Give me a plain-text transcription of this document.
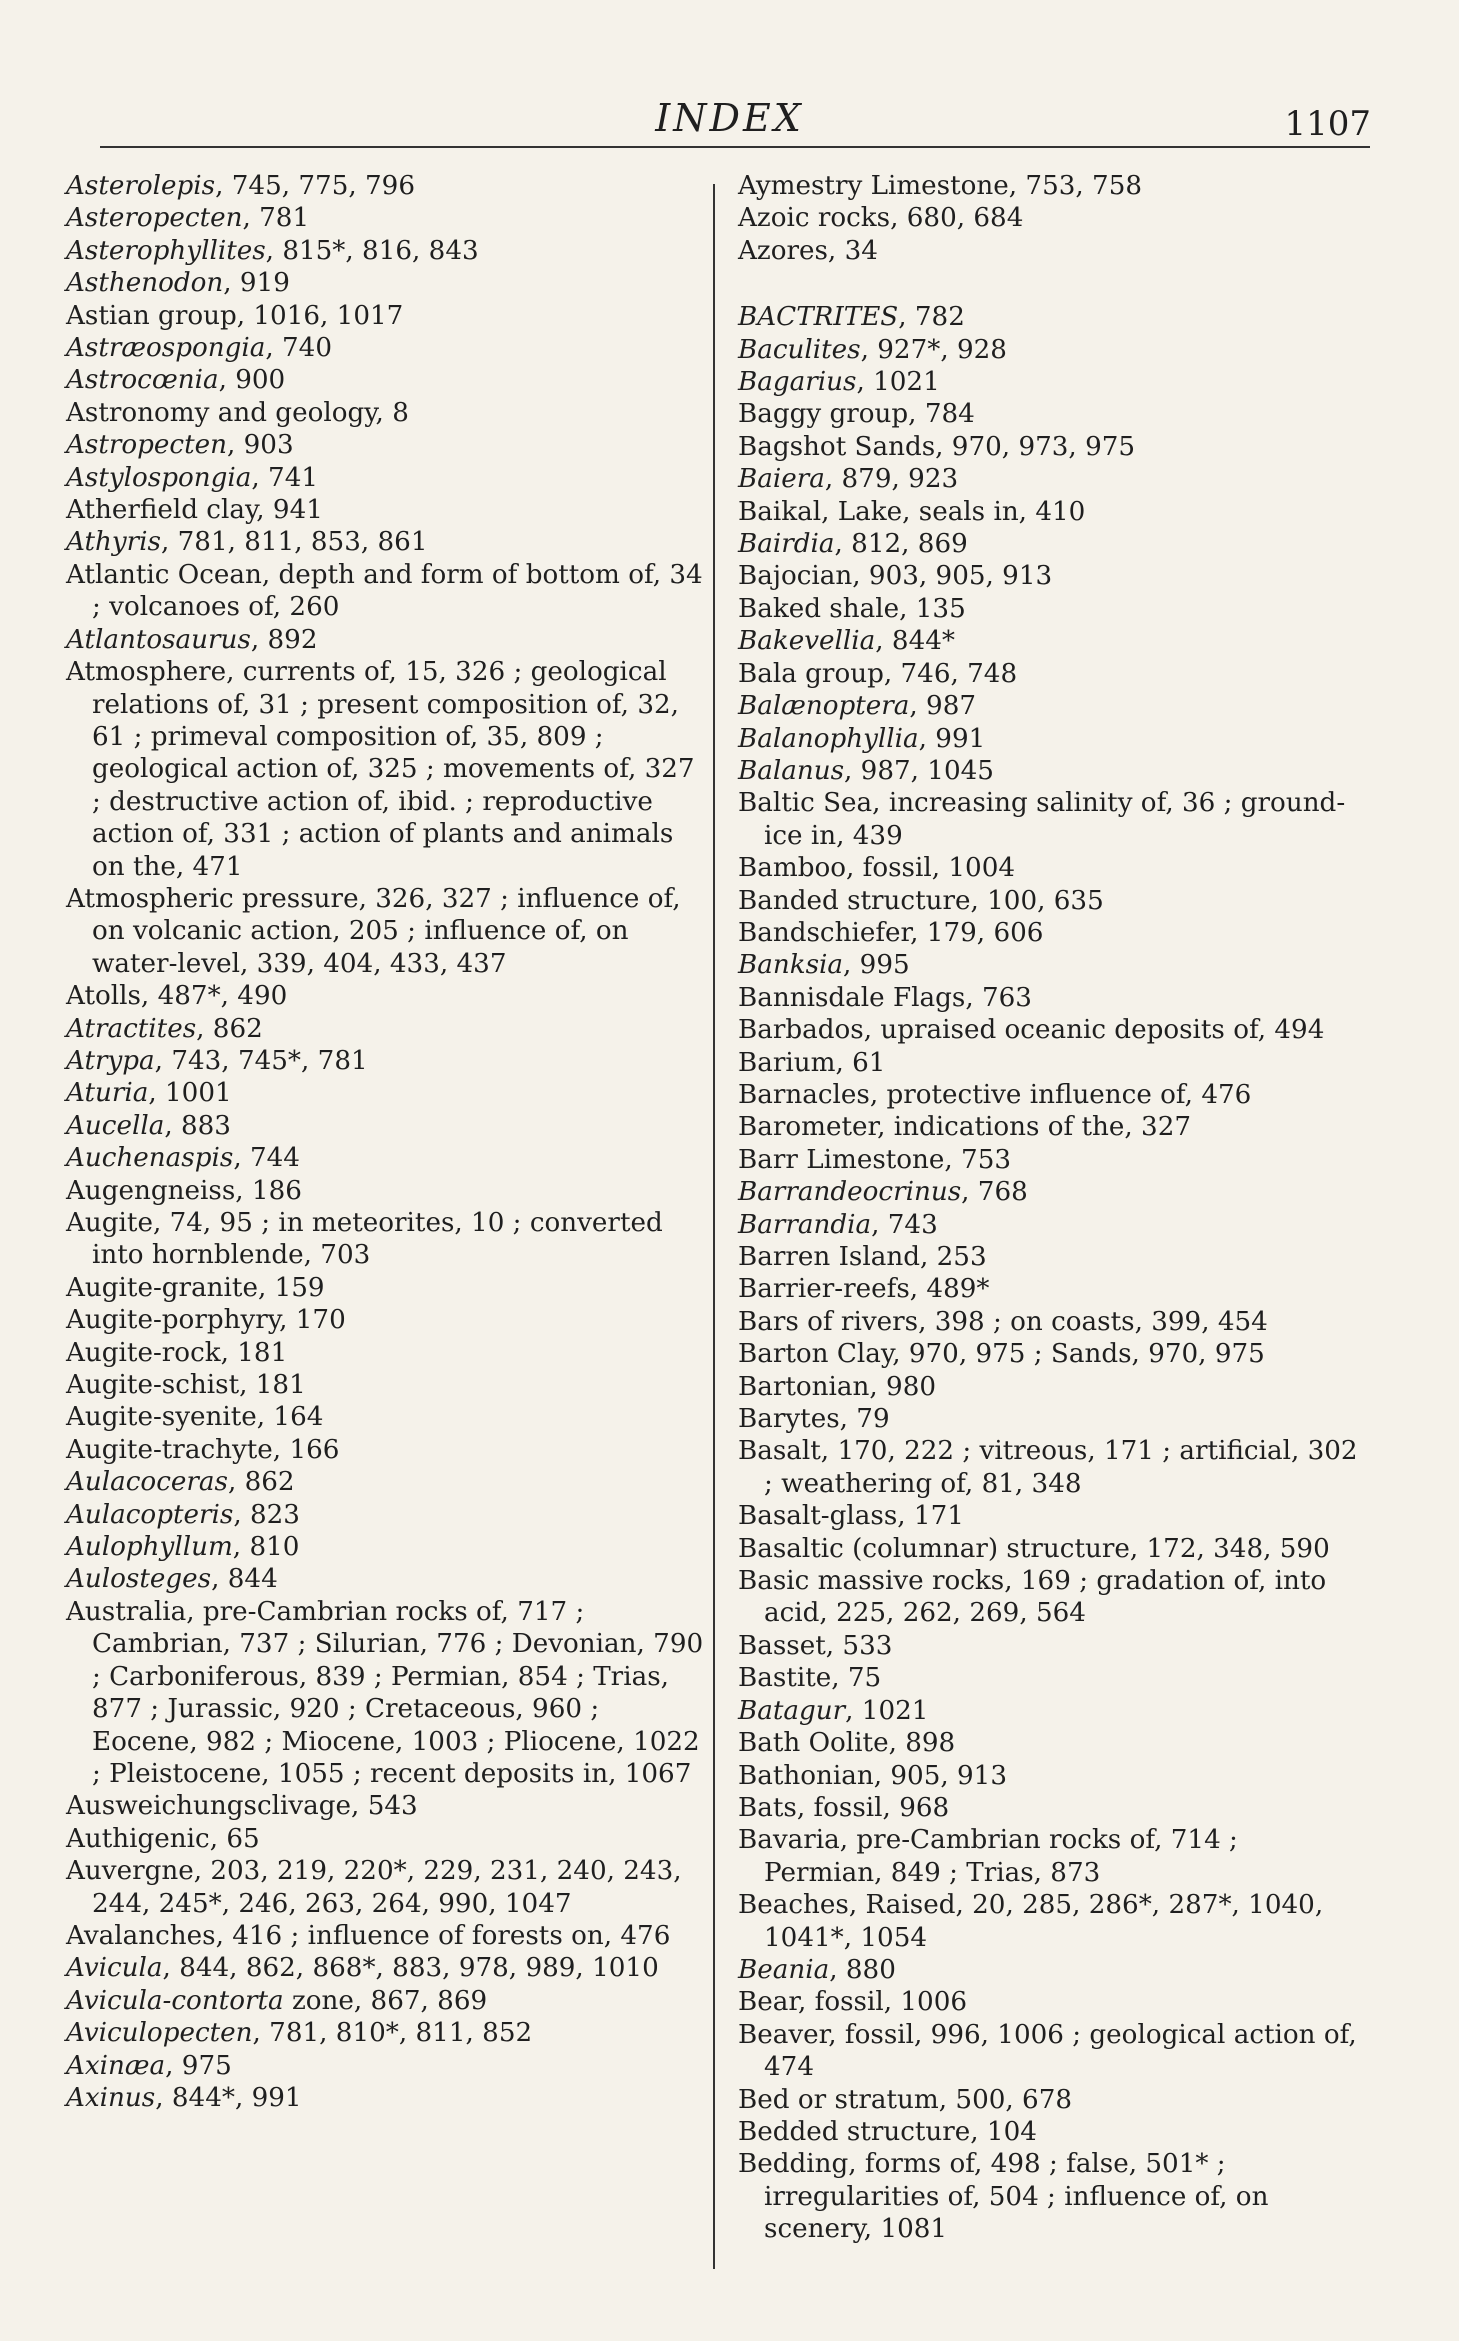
INDEX	1107

Asterolepis, 745, 775, 796

Asteropecten, 781

Asterophyllites, 815*, 816, 843

Asthenodon, 919

Astian group, 1016, 1017

Astræospongia, 740

Astrocœnia, 900

Astronomy and geology, 8

Astropecten, 903

Astylospongia, 741

Atherfield clay, 941

Athyris, 781, 811, 853, 861

Atlantic Ocean, depth and form of bottom of, 34 ; volcanoes of, 260

Atlantosaurus, 892

Atmosphere, currents of, 15, 326 ; geological relations of, 31 ; present composition of, 32, 61 ; primeval composition of, 35, 809 ; geological action of, 325 ; movements of, 327 ; destructive action of, ibid. ; reproductive action of, 331 ; action of plants and animals on the, 471

Atmospheric pressure, 326, 327 ; influence of, on volcanic action, 205 ; influence of, on water-level, 339, 404, 433, 437

Atolls, 487*, 490

Atractites, 862

Atrypa, 743, 745*, 781

Aturia, 1001

Aucella, 883

Auchenaspis, 744

Augengneiss, 186

Augite, 74, 95 ; in meteorites, 10 ; converted into hornblende, 703

Augite-granite, 159

Augite-porphyry, 170

Augite-rock, 181

Augite-schist, 181

Augite-syenite, 164

Augite-trachyte, 166

Aulacoceras, 862

Aulacopteris, 823

Aulophyllum, 810

Aulosteges, 844

Australia, pre-Cambrian rocks of, 717 ; Cambrian, 737 ; Silurian, 776 ; Devonian, 790 ; Carboniferous, 839 ; Permian, 854 ; Trias, 877 ; Jurassic, 920 ; Cretaceous, 960 ; Eocene, 982 ; Miocene, 1003 ; Pliocene, 1022 ; Pleistocene, 1055 ; recent deposits in, 1067

Ausweichungsclivage, 543

Authigenic, 65

Auvergne, 203, 219, 220*, 229, 231, 240, 243, 244, 245*, 246, 263, 264, 990, 1047

Avalanches, 416 ; influence of forests on, 476

Avicula, 844, 862, 868*, 883, 978, 989, 1010

Avicula-contorta zone, 867, 869

Aviculopecten, 781, 810*, 811, 852

Axinæa, 975

Axinus, 844*, 991

Aymestry Limestone, 753, 758

Azoic rocks, 680, 684

Azores, 34

BACTRITES, 782

Baculites, 927*, 928

Bagarius, 1021

Baggy group, 784

Bagshot Sands, 970, 973, 975

Baiera, 879, 923

Baikal, Lake, seals in, 410

Bairdia, 812, 869

Bajocian, 903, 905, 913

Baked shale, 135

Bakevellia, 844*

Bala group, 746, 748

Balænoptera, 987

Balanophyllia, 991

Balanus, 987, 1045

Baltic Sea, increasing salinity of, 36 ; ground-ice in, 439

Bamboo, fossil, 1004

Banded structure, 100, 635

Bandschiefer, 179, 606

Banksia, 995

Bannisdale Flags, 763

Barbados, upraised oceanic deposits of, 494

Barium, 61

Barnacles, protective influence of, 476

Barometer, indications of the, 327

Barr Limestone, 753

Barrandeocrinus, 768

Barrandia, 743

Barren Island, 253

Barrier-reefs, 489*

Bars of rivers, 398 ; on coasts, 399, 454

Barton Clay, 970, 975 ; Sands, 970, 975

Bartonian, 980

Barytes, 79

Basalt, 170, 222 ; vitreous, 171 ; artificial, 302 ; weathering of, 81, 348

Basalt-glass, 171

Basaltic (columnar) structure, 172, 348, 590

Basic massive rocks, 169 ; gradation of, into acid, 225, 262, 269, 564

Basset, 533

Bastite, 75

Batagur, 1021

Bath Oolite, 898

Bathonian, 905, 913

Bats, fossil, 968

Bavaria, pre-Cambrian rocks of, 714 ; Permian, 849 ; Trias, 873

Beaches, Raised, 20, 285, 286*, 287*, 1040, 1041*, 1054

Beania, 880

Bear, fossil, 1006

Beaver, fossil, 996, 1006 ; geological action of, 474

Bed or stratum, 500, 678

Bedded structure, 104

Bedding, forms of, 498 ; false, 501* ; irregularities of, 504 ; influence of, on scenery, 1081
